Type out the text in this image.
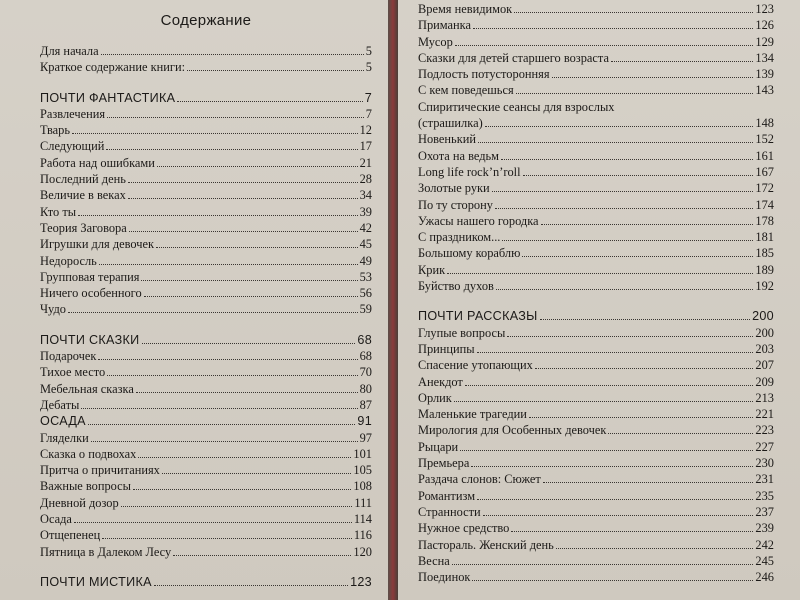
Содержание
Для начала	5
Краткое содержание книги:	5
ПОЧТИ ФАНТАСТИКА	7
Развлечения	7
Тварь	12
Следующий	17
Работа над ошибками	21
Последний день	28
Величие в веках	34
Кто ты	39
Теория Заговора	42
Игрушки для девочек	45
Недоросль	49
Групповая терапия	53
Ничего особенного	56
Чудо	59
ПОЧТИ СКАЗКИ	68
Подарочек	68
Тихое место	70
Мебельная сказка	80
Дебаты	87
ОСАДА	91
Гляделки	97
Сказка о подвохах	101
Притча о причитаниях	105
Важные вопросы	108
Дневной дозор	111
Осада	114
Отщепенец	116
Пятница в Далеком Лесу	120
ПОЧТИ МИСТИКА	123
Время невидимок	123
Приманка	126
Мусор	129
Сказки для детей старшего возраста	134
Подлость потусторонняя	139
С кем поведешься	143
Спиритические сеансы для взрослых
(страшилка)	148
Новенький	152
Охота на ведьм	161
Long life rock’n’roll	167
Золотые руки	172
По ту сторону	174
Ужасы нашего городка	178
С праздником...	181
Большому кораблю	185
Крик	189
Буйство духов	192
ПОЧТИ РАССКАЗЫ	200
Глупые вопросы	200
Принципы	203
Спасение утопающих	207
Анекдот	209
Орлик	213
Маленькие трагедии	221
Мирология для Особенных девочек	223
Рыцари	227
Премьера	230
Раздача слонов: Сюжет	231
Романтизм	235
Странности	237
Нужное средство	239
Пастораль. Женский день	242
Весна	245
Поединок	246
